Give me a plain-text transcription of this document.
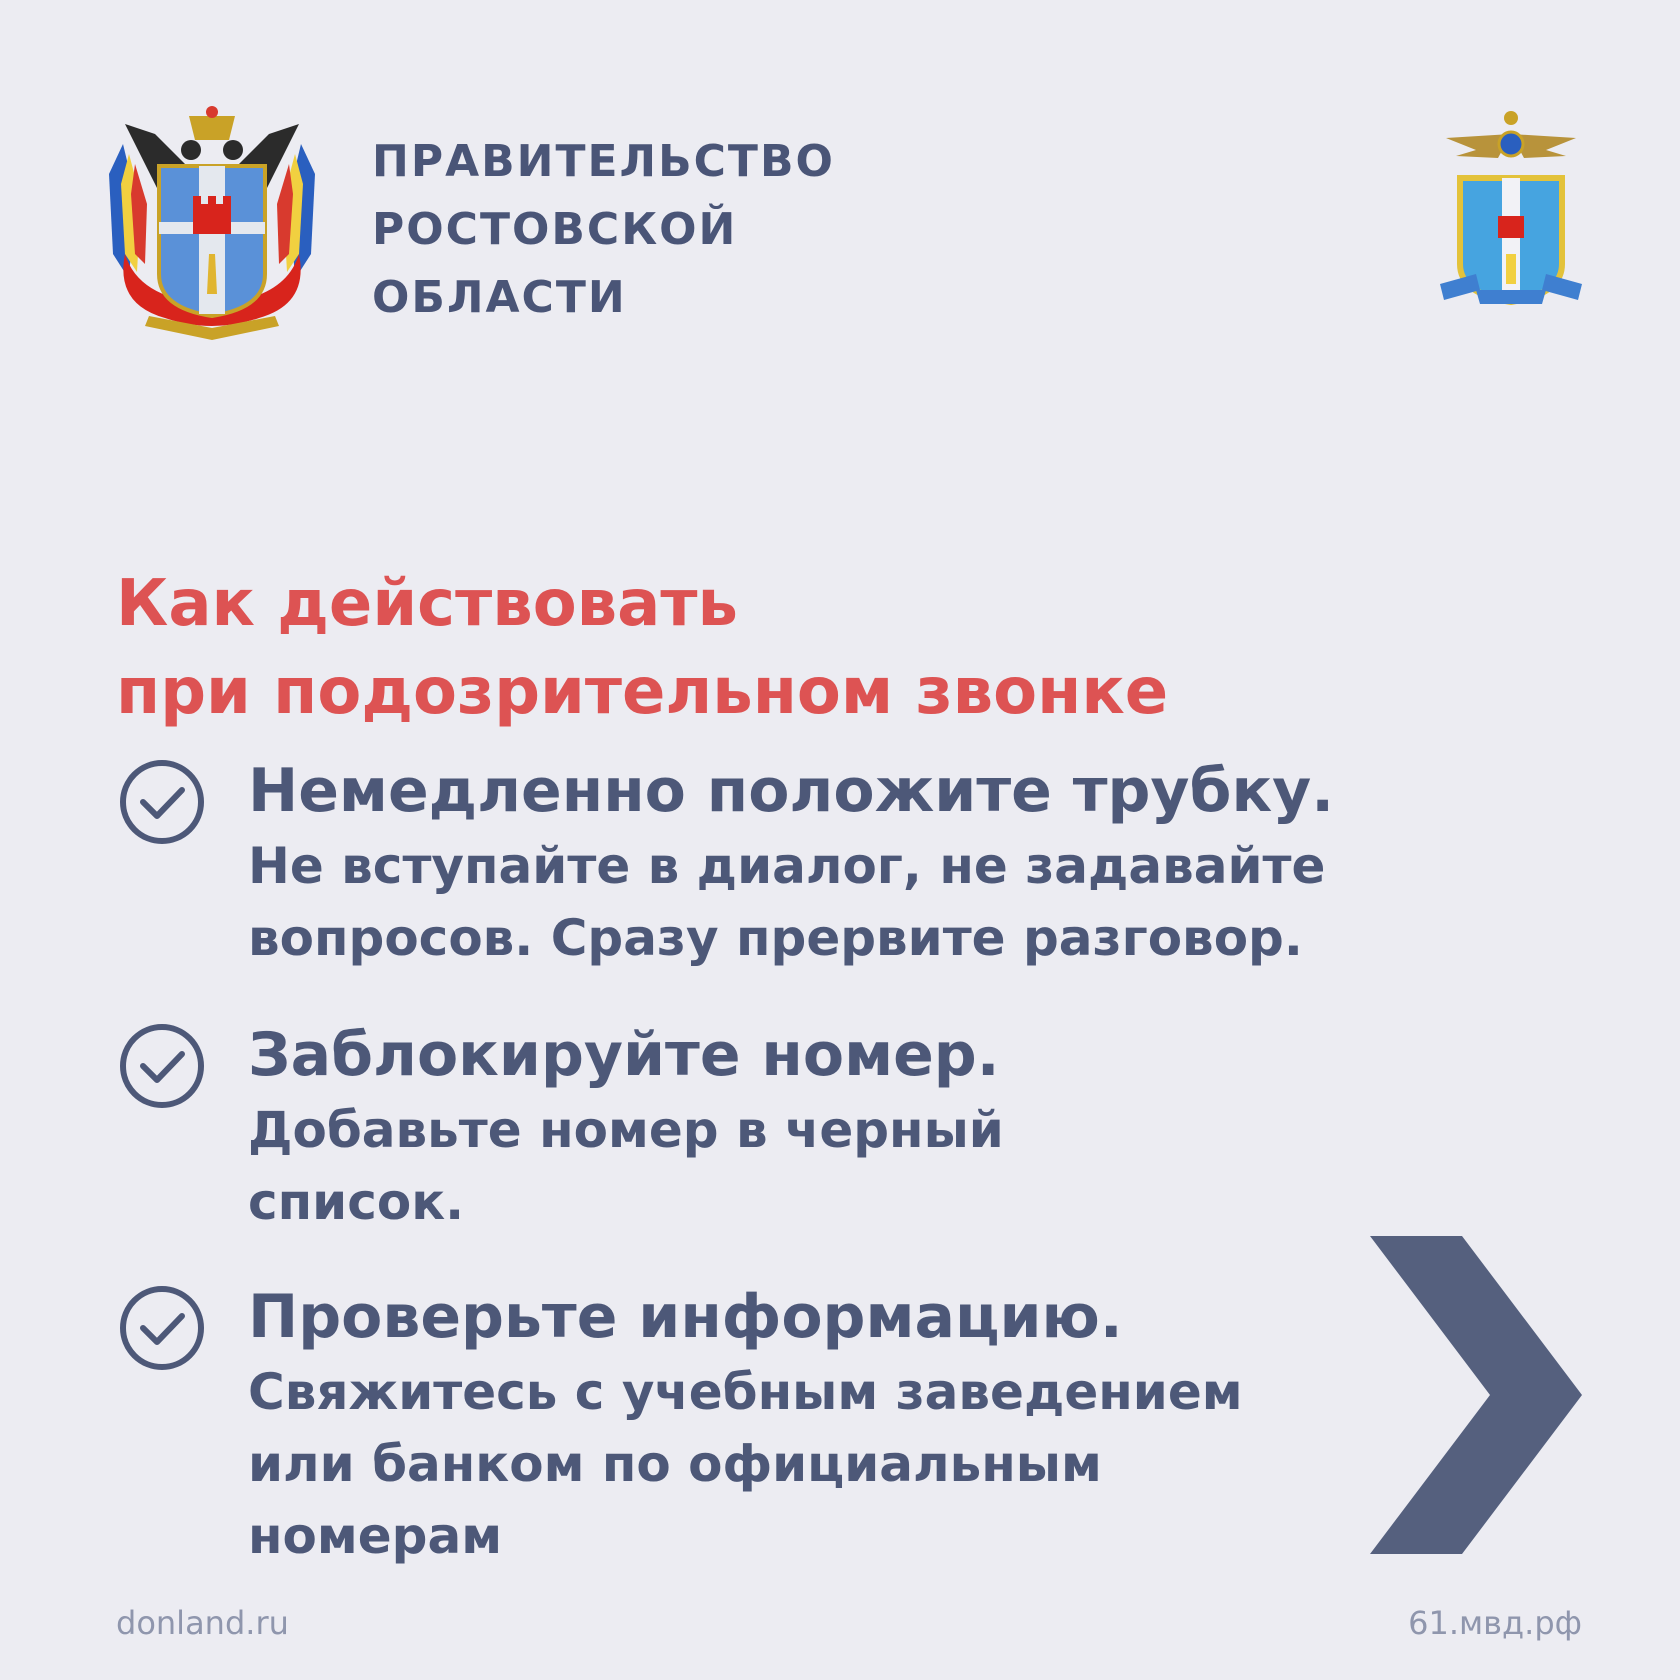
ПРАВИТЕЛЬСТВО
РОСТОВСКОЙ
ОБЛАСТИ
Как действовать
при подозрительном звонке
Немедленно положите трубку.
Не вступайте в диалог, не задавайте
вопросов. Сразу прервите разговор.
Заблокируйте номер.
Добавьте номер в черный
список.
Проверьте информацию.
Свяжитесь с учебным заведением
или банком по официальным
номерам
donland.ru	61.мвд.рф
